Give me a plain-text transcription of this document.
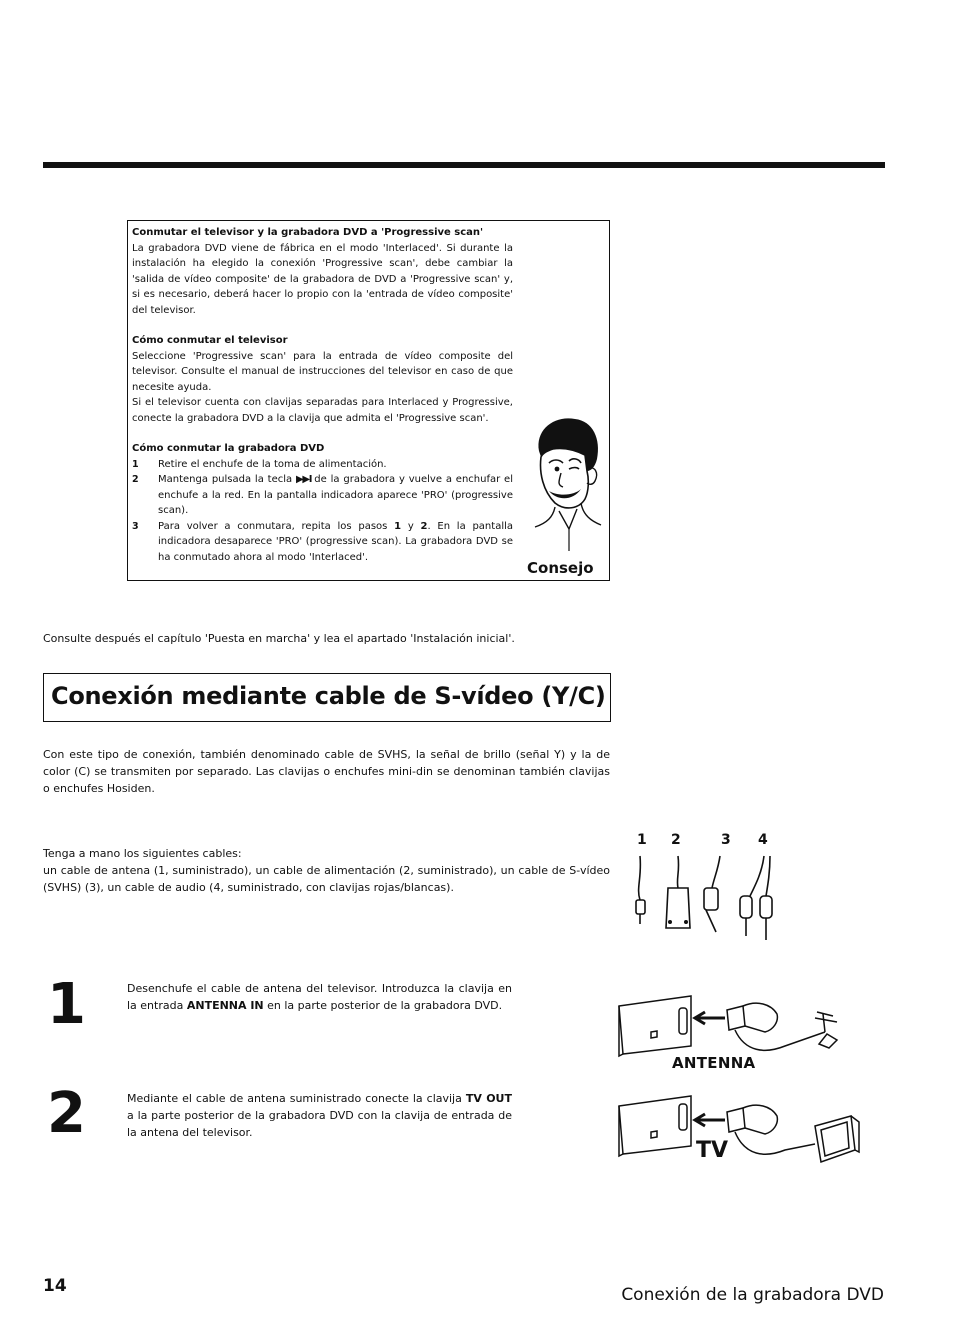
Conmutar el televisor y la grabadora DVD a 'Progressive scan'

La grabadora DVD viene de fábrica en el modo 'Interlaced'. Si durante la instalación ha elegido la conexión 'Progressive scan', debe cambiar la 'salida de vídeo composite' de la grabadora de DVD a 'Progressive scan' y, si es necesario, deberá hacer lo propio con la 'entrada de vídeo composite' del televisor.

Cómo conmutar el televisor

Seleccione 'Progressive scan' para la entrada de vídeo composite del televisor. Consulte el manual de instrucciones del televisor en caso de que necesite ayuda.

Si el televisor cuenta con clavijas separadas para Interlaced y Progressive, conecte la grabadora DVD a la clavija que admita el 'Progressive scan'.

Cómo conmutar la grabadora DVD

1 Retire el enchufe de la toma de alimentación.
2 Mantenga pulsada la tecla ▶▶I de la grabadora y vuelve a enchufar el enchufe a la red. En la pantalla indicadora aparece 'PRO' (progressive scan).
3 Para volver a conmutara, repita los pasos 1 y 2. En la pantalla indicadora desaparece 'PRO' (progressive scan). La grabadora DVD se ha conmutado ahora al modo 'Interlaced'.
Consejo

Consulte después el capítulo 'Puesta en marcha' y lea el apartado 'Instalación inicial'.

Conexión mediante cable de S-vídeo (Y/C)

Con este tipo de conexión, también denominado cable de SVHS, la señal de brillo (señal Y) y la de color (C) se transmiten por separado. Las clavijas o enchufes mini-din se denominan también clavijas o enchufes Hosiden.

Tenga a mano los siguientes cables:

un cable de antena (1, suministrado), un cable de alimentación (2, suministrado), un cable de S-vídeo (SVHS) (3), un cable de audio (4, suministrado, con clavijas rojas/blancas).

1 2	3 4
1	Desenchufe el cable de antena del televisor. Introduzca la clavija en la entrada ANTENNA IN en la parte posterior de la grabadora DVD.

ANTENNA
2	Mediante el cable de antena suministrado conecte la clavija TV OUT a la parte posterior de la grabadora DVD con la clavija de entrada de la antena del televisor.

TV
14	Conexión de la grabadora DVD
